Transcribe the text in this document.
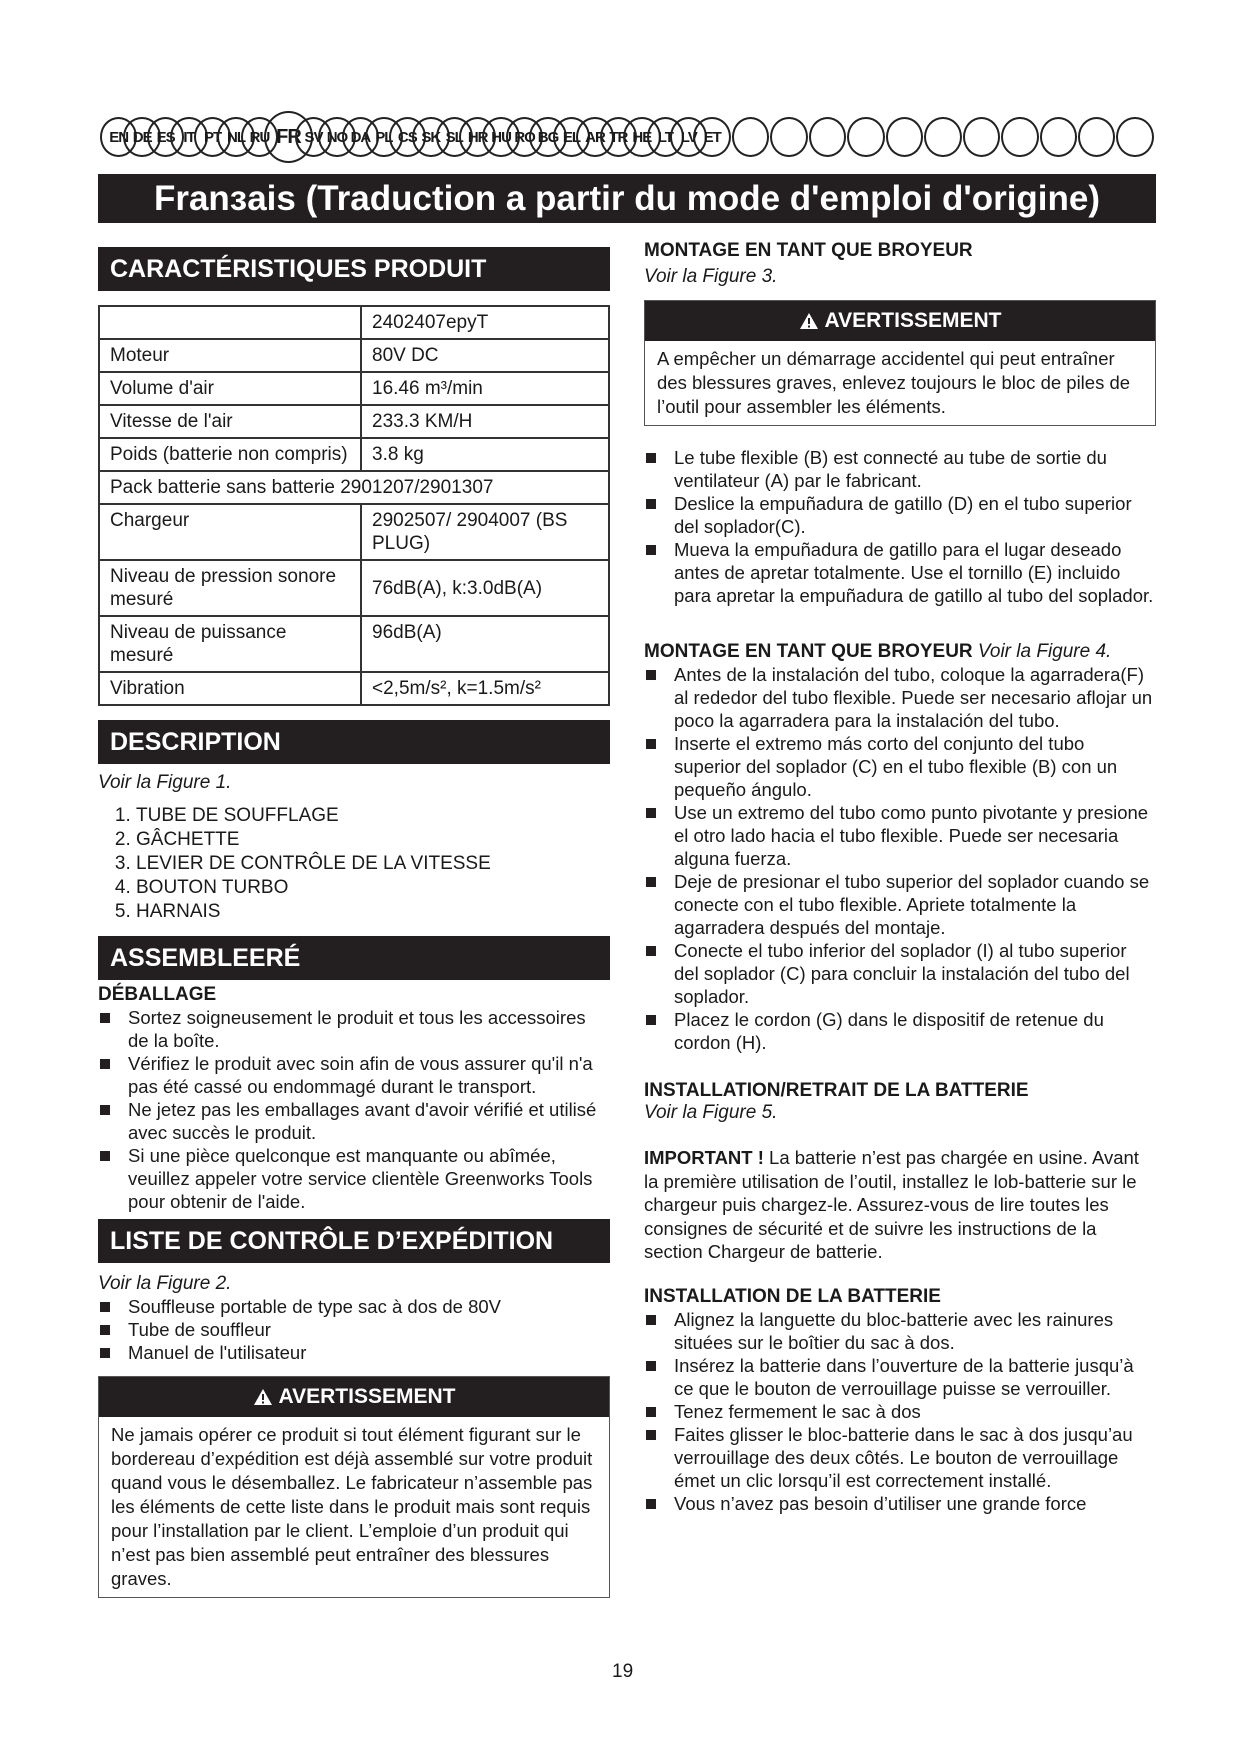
EN DE ES IT PT NL RU FR SV NO DA PL CS SK SL HR HU RO BG EL AR TR HE LT LV ET
Franзais (Traduction a partir du mode d'emploi d'origine)
CARACTÉRISTIQUES PRODUIT
	2402407epyT
Moteur	80V DC
Volume d'air	16.46 m³/min
Vitesse de l'air	233.3 KM/H
Poids (batterie non compris)	3.8 kg
Pack batterie sans batterie 2901207/2901307	
Chargeur	2902507/ 2904007 (BS PLUG)
Niveau de pression sonore mesuré	76dB(A), k:3.0dB(A)
Niveau de puissance mesuré	96dB(A)
Vibration	<2,5m/s², k=1.5m/s²
DESCRIPTION
Voir la Figure 1.
1. TUBE DE SOUFFLAGE
2. GÂCHETTE
3. LEVIER DE CONTRÔLE DE LA VITESSE
4. BOUTON TURBO
5. HARNAIS
ASSEMBLEERÉ
DÉBALLAGE
Sortez soigneusement le produit et tous les accessoires de la boîte.
Vérifiez le produit avec soin afin de vous assurer qu'il n'a pas été cassé ou endommagé durant le transport.
Ne jetez pas les emballages avant d'avoir vérifié et utilisé avec succès le produit.
Si une pièce quelconque est manquante ou abîmée, veuillez appeler votre service clientèle Greenworks Tools pour obtenir de l'aide.
LISTE DE CONTRÔLE D’EXPÉDITION
Voir la Figure 2.
Souffleuse portable de type sac à dos de 80V
Tube de souffleur
Manuel de l'utilisateur
AVERTISSEMENT
Ne jamais opérer ce produit si tout élément figurant sur le bordereau d’expédition est déjà assemblé sur votre produit quand vous le désemballez. Le fabricateur n’assemble pas les éléments de cette liste dans le produit mais sont requis pour l’installation par le client. L’emploie d’un produit qui n’est pas bien assemblé peut entraîner des blessures graves.
MONTAGE EN TANT QUE BROYEUR
Voir la Figure 3.
AVERTISSEMENT
A empêcher un démarrage accidentel qui peut entraîner des blessures graves, enlevez toujours le bloc de piles de l’outil pour assembler les éléments.
Le tube flexible (B) est connecté au tube de sortie du ventilateur (A) par le fabricant.
Deslice la empuñadura de gatillo (D) en el tubo superior del soplador(C).
Mueva la empuñadura de gatillo para el lugar deseado antes de apretar totalmente. Use el tornillo (E) incluido para apretar la empuñadura de gatillo al tubo del soplador.
MONTAGE EN TANT QUE BROYEUR Voir la Figure 4.
Antes de la instalación del tubo, coloque la agarradera(F) al rededor del tubo flexible. Puede ser necesario aflojar un poco la agarradera para la instalación del tubo.
Inserte el extremo más corto del conjunto del tubo superior del soplador (C) en el tubo flexible (B) con un pequeño ángulo.
Use un extremo del tubo como punto pivotante y presione el otro lado hacia el tubo flexible. Puede ser necesaria alguna fuerza.
Deje de presionar el tubo superior del soplador cuando se conecte con el tubo flexible. Apriete totalmente la agarradera después del montaje.
Conecte el tubo inferior del soplador (I) al tubo superior del soplador (C) para concluir la instalación del tubo del soplador.
Placez le cordon (G) dans le dispositif de retenue du cordon (H).
INSTALLATION/RETRAIT DE LA BATTERIE
Voir la Figure 5.
IMPORTANT ! La batterie n’est pas chargée en usine. Avant la première utilisation de l’outil, installez le lob-batterie sur le chargeur puis chargez-le. Assurez-vous de lire toutes les consignes de sécurité et de suivre les instructions de la section Chargeur de batterie.
INSTALLATION DE LA BATTERIE
Alignez la languette du bloc-batterie avec les rainures situées sur le boîtier du sac à dos.
Insérez la batterie dans l’ouverture de la batterie jusqu’à ce que le bouton de verrouillage puisse se verrouiller.
Tenez fermement le sac à dos
Faites glisser le bloc-batterie dans le sac à dos jusqu’au verrouillage des deux côtés. Le bouton de verrouillage émet un clic lorsqu’il est correctement installé.
Vous n’avez pas besoin d’utiliser une grande force
19
